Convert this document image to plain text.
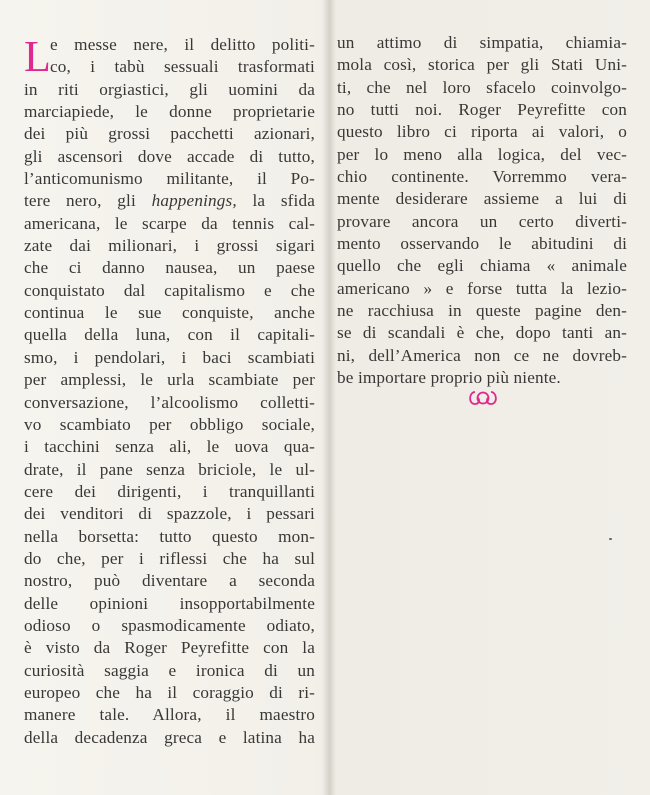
L e messe nere, il delitto politi-
co, i tabù sessuali trasformati
in riti orgiastici, gli uomini da
marciapiede, le donne proprietarie
dei più grossi pacchetti azionari,
gli ascensori dove accade di tutto,
l’anticomunismo militante, il Po-
tere nero, gli happenings, la sfida
americana, le scarpe da tennis cal-
zate dai milionari, i grossi sigari
che ci danno nausea, un paese
conquistato dal capitalismo e che
continua le sue conquiste, anche
quella della luna, con il capitali-
smo, i pendolari, i baci scambiati
per amplessi, le urla scambiate per
conversazione, l’alcoolismo colletti-
vo scambiato per obbligo sociale,
i tacchini senza ali, le uova qua-
drate, il pane senza briciole, le ul-
cere dei dirigenti, i tranquillanti
dei venditori di spazzole, i pessari
nella borsetta: tutto questo mon-
do che, per i riflessi che ha sul
nostro, può diventare a seconda
delle opinioni insopportabilmente
odioso o spasmodicamente odiato,
è visto da Roger Peyrefitte con la
curiosità saggia e ironica di un
europeo che ha il coraggio di ri-
manere tale. Allora, il maestro
della decadenza greca e latina ha
un attimo di simpatia, chiamia-
mola così, storica per gli Stati Uni-
ti, che nel loro sfacelo coinvolgo-
no tutti noi. Roger Peyrefitte con
questo libro ci riporta ai valori, o
per lo meno alla logica, del vec-
chio continente. Vorremmo vera-
mente desiderare assieme a lui di
provare ancora un certo diverti-
mento osservando le abitudini di
quello che egli chiama « animale
americano » e forse tutta la lezio-
ne racchiusa in queste pagine den-
se di scandali è che, dopo tanti an-
ni, dell’America non ce ne dovreb-
be importare proprio più niente.
